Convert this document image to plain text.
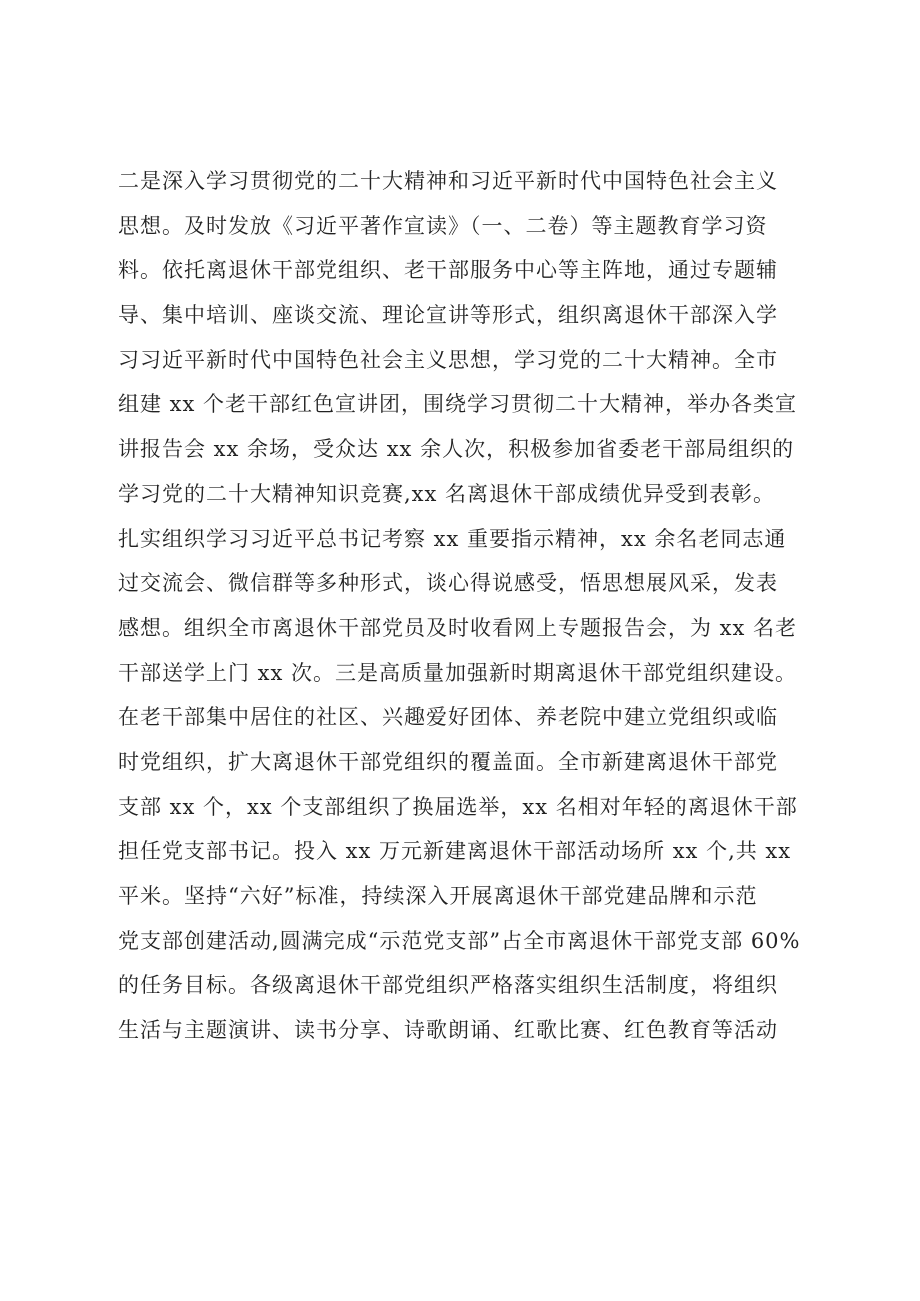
二是深入学习贯彻党的二十大精神和习近平新时代中国特色社会主义
思想。及时发放《习近平著作宣读》（一、二卷）等主题教育学习资
料。依托离退休干部党组织、老干部服务中心等主阵地，通过专题辅
导、集中培训、座谈交流、理论宣讲等形式，组织离退休干部深入学
习习近平新时代中国特色社会主义思想，学习党的二十大精神。全市
组建 xx 个老干部红色宣讲团，围绕学习贯彻二十大精神，举办各类宣
讲报告会 xx 余场，受众达 xx 余人次，积极参加省委老干部局组织的
学习党的二十大精神知识竞赛,xx 名离退休干部成绩优异受到表彰。
扎实组织学习习近平总书记考察 xx 重要指示精神，xx 余名老同志通
过交流会、微信群等多种形式，谈心得说感受，悟思想展风采，发表
感想。组织全市离退休干部党员及时收看网上专题报告会，为 xx 名老
干部送学上门 xx 次。三是高质量加强新时期离退休干部党组织建设。
在老干部集中居住的社区、兴趣爱好团体、养老院中建立党组织或临
时党组织，扩大离退休干部党组织的覆盖面。全市新建离退休干部党
支部 xx 个，xx 个支部组织了换届选举，xx 名相对年轻的离退休干部
担任党支部书记。投入 xx 万元新建离退休干部活动场所 xx 个,共 xx
平米。坚持“六好”标准，持续深入开展离退休干部党建品牌和示范
党支部创建活动,圆满完成“示范党支部”占全市离退休干部党支部 60%
的任务目标。各级离退休干部党组织严格落实组织生活制度，将组织
生活与主题演讲、读书分享、诗歌朗诵、红歌比赛、红色教育等活动
